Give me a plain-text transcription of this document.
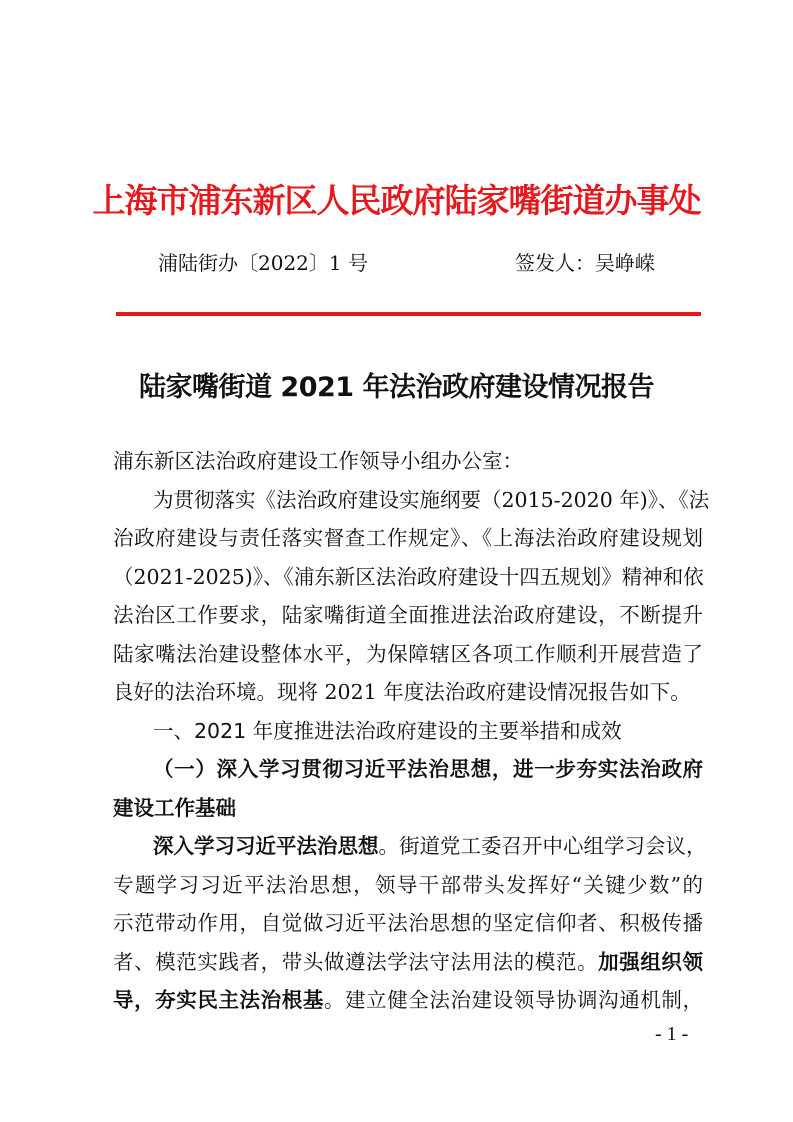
上海市浦东新区人民政府陆家嘴街道办事处
浦陆街办〔2022〕1 号	签发人：吴峥嵘
陆家嘴街道 2021 年法治政府建设情况报告
浦东新区法治政府建设工作领导小组办公室：
为贯彻落实《法治政府建设实施纲要（2015-2020 年)》、《法
治政府建设与责任落实督查工作规定》、《上海法治政府建设规划
（2021-2025)》、《浦东新区法治政府建设十四五规划》精神和依
法治区工作要求，陆家嘴街道全面推进法治政府建设，不断提升
陆家嘴法治建设整体水平，为保障辖区各项工作顺利开展营造了
良好的法治环境。现将 2021 年度法治政府建设情况报告如下。
一、2021 年度推进法治政府建设的主要举措和成效
（一）深入学习贯彻习近平法治思想，进一步夯实法治政府
建设工作基础
深入学习习近平法治思想。街道党工委召开中心组学习会议，
专题学习习近平法治思想，领导干部带头发挥好“关键少数”的
示范带动作用，自觉做习近平法治思想的坚定信仰者、积极传播
者、模范实践者，带头做遵法学法守法用法的模范。加强组织领
导，夯实民主法治根基。建立健全法治建设领导协调沟通机制，
- 1 -
